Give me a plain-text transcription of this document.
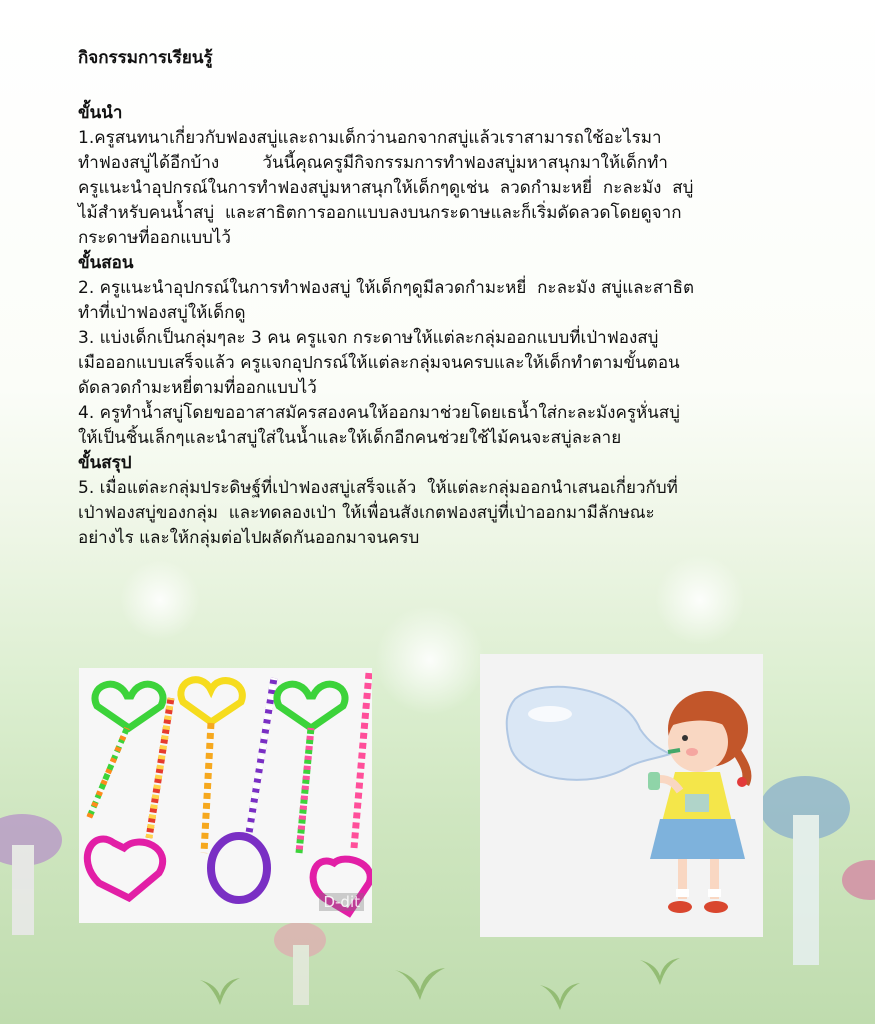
กิจกรรมการเรียนรู้

ขั้นนำ

1.ครูสนทนาเกี่ยวกับฟองสบู่และถามเด็กว่านอกจากสบู่แล้วเราสามารถใช้อะไรมา

ทำฟองสบู่ได้อีกบ้าง        วันนี้คุณครูมีกิจกรรมการทำฟองสบู่มหาสนุกมาให้เด็กทำ

ครูแนะนำอุปกรณ์ในการทำฟองสบู่มหาสนุกให้เด็กๆดูเช่น  ลวดกำมะหยี่  กะละมัง  สบู่

ไม้สำหรับคนน้ำสบู่  และสาธิตการออกแบบลงบนกระดาษและก็เริ่มดัดลวดโดยดูจาก

กระดาษที่ออกแบบไว้

ขั้นสอน

2. ครูแนะนำอุปกรณ์ในการทำฟองสบู่ ให้เด็กๆดูมีลวดกำมะหยี่  กะละมัง สบู่และสาธิต

ทำที่เป่าฟองสบู่ให้เด็กดู

3. แบ่งเด็กเป็นกลุ่มๆละ 3 คน ครูแจก กระดาษให้แต่ละกลุ่มออกแบบที่เป่าฟองสบู่

เมือออกแบบเสร็จแล้ว ครูแจกอุปกรณ์ให้แต่ละกลุ่มจนครบและให้เด็กทำตามขั้นตอน

ดัดลวดกำมะหยี่ตามที่ออกแบบไว้

4. ครูทำน้ำสบู่โดยขออาสาสมัครสองคนให้ออกมาช่วยโดยเธน้ำใส่กะละมังครูหั่นสบู่

ให้เป็นชิ้นเล็กๆและนำสบู่ใส่ในน้ำและให้เด็กอีกคนช่วยใช้ไม้คนจะสบู่ละลาย

ขั้นสรุป

5. เมื่อแต่ละกลุ่มประดิษฐ์ที่เป่าฟองสบู่เสร็จแล้ว  ให้แต่ละกลุ่มออกนำเสนอเกี่ยวกับที่

เป่าฟองสบู่ของกลุ่ม  และทดลองเป่า ให้เพื่อนสังเกตฟองสบู่ที่เป่าออกมามีลักษณะ

อย่างไร และให้กลุ่มต่อไปผลัดกันออกมาจนครบ

D-dit
